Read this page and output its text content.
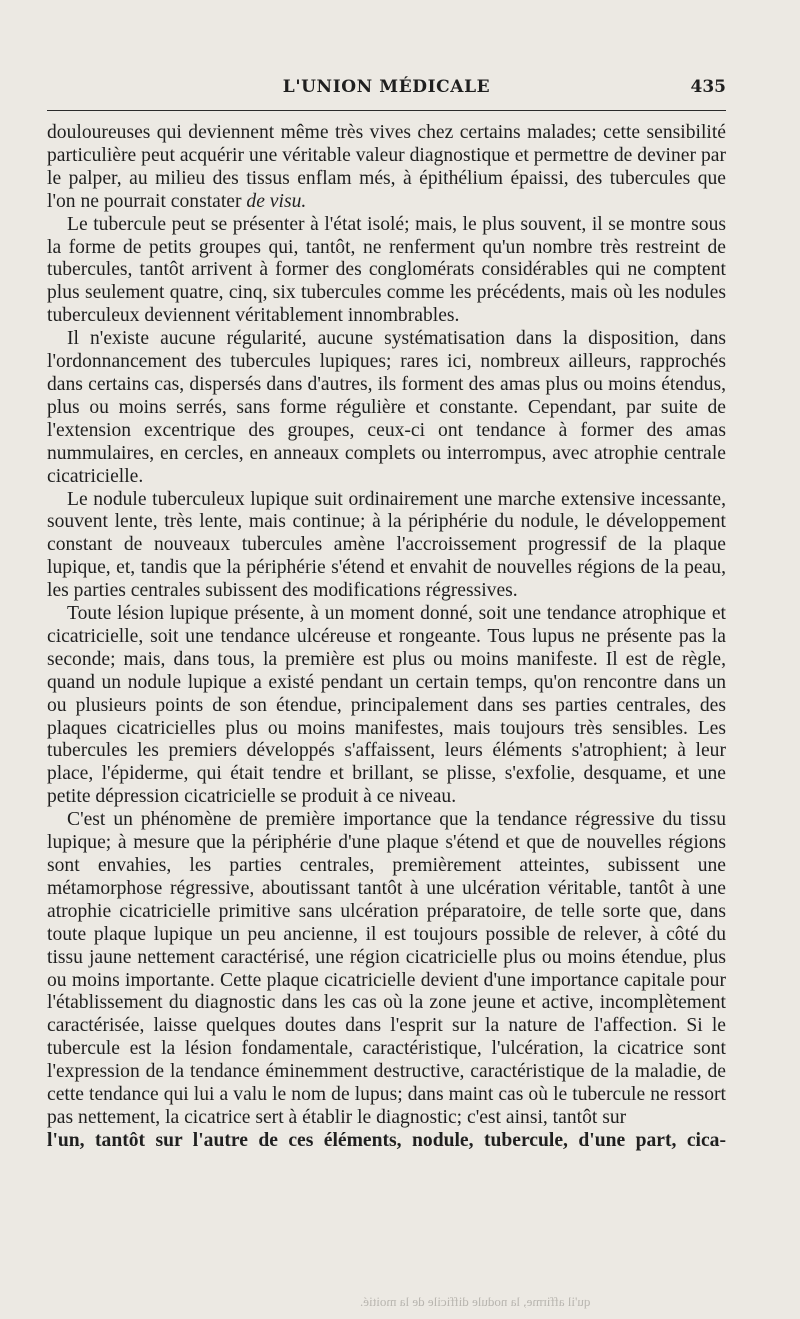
L'UNION MÉDICALE	435

douloureuses qui deviennent même très vives chez certains malades; cette sensibilité particulière peut acquérir une véritable valeur diagnostique et permettre de deviner par le palper, au milieu des tissus enflam més, à épithélium épaissi, des tubercules que l'on ne pourrait constater de visu.

Le tubercule peut se présenter à l'état isolé; mais, le plus souvent, il se montre sous la forme de petits groupes qui, tantôt, ne renferment qu'un nombre très restreint de tubercules, tantôt arrivent à former des conglomérats considérables qui ne comptent plus seulement quatre, cinq, six tubercules comme les précédents, mais où les nodules tuberculeux deviennent véritablement innombrables.

Il n'existe aucune régularité, aucune systématisation dans la disposition, dans l'ordonnancement des tubercules lupiques; rares ici, nombreux ailleurs, rapprochés dans certains cas, dispersés dans d'autres, ils forment des amas plus ou moins étendus, plus ou moins serrés, sans forme régulière et constante. Cependant, par suite de l'extension excentrique des groupes, ceux-ci ont tendance à former des amas nummulaires, en cercles, en anneaux complets ou interrompus, avec atrophie centrale cicatricielle.

Le nodule tuberculeux lupique suit ordinairement une marche extensive incessante, souvent lente, très lente, mais continue; à la périphérie du nodule, le développement constant de nouveaux tubercules amène l'accroissement progressif de la plaque lupique, et, tandis que la périphérie s'étend et envahit de nouvelles régions de la peau, les parties centrales subissent des modifications régressives.

Toute lésion lupique présente, à un moment donné, soit une tendance atrophique et cicatricielle, soit une tendance ulcéreuse et rongeante. Tous lupus ne présente pas la seconde; mais, dans tous, la première est plus ou moins manifeste. Il est de règle, quand un nodule lupique a existé pendant un certain temps, qu'on rencontre dans un ou plusieurs points de son étendue, principalement dans ses parties centrales, des plaques cicatricielles plus ou moins manifestes, mais toujours très sensibles. Les tubercules les premiers développés s'affaissent, leurs éléments s'atrophient; à leur place, l'épiderme, qui était tendre et brillant, se plisse, s'exfolie, desquame, et une petite dépression cicatricielle se produit à ce niveau.

C'est un phénomène de première importance que la tendance régressive du tissu lupique; à mesure que la périphérie d'une plaque s'étend et que de nouvelles régions sont envahies, les parties centrales, premièrement atteintes, subissent une métamorphose régressive, aboutissant tantôt à une ulcération véritable, tantôt à une atrophie cicatricielle primitive sans ulcération préparatoire, de telle sorte que, dans toute plaque lupique un peu ancienne, il est toujours possible de relever, à côté du tissu jaune nettement caractérisé, une région cicatricielle plus ou moins étendue, plus ou moins importante. Cette plaque cicatricielle devient d'une importance capitale pour l'établissement du diagnostic dans les cas où la zone jeune et active, incomplètement caractérisée, laisse quelques doutes dans l'esprit sur la nature de l'affection. Si le tubercule est la lésion fondamentale, caractéristique, l'ulcération, la cicatrice sont l'expression de la tendance éminemment destructive, caractéristique de la maladie, de cette tendance qui lui a valu le nom de lupus; dans maint cas où le tubercule ne ressort pas nettement, la cicatrice sert à établir le diagnostic; c'est ainsi, tantôt sur

l'un, tantôt sur l'autre de ces éléments, nodule, tubercule, d'une part, cica-

qu'il affirme, la nodule difficile de la moitié.
